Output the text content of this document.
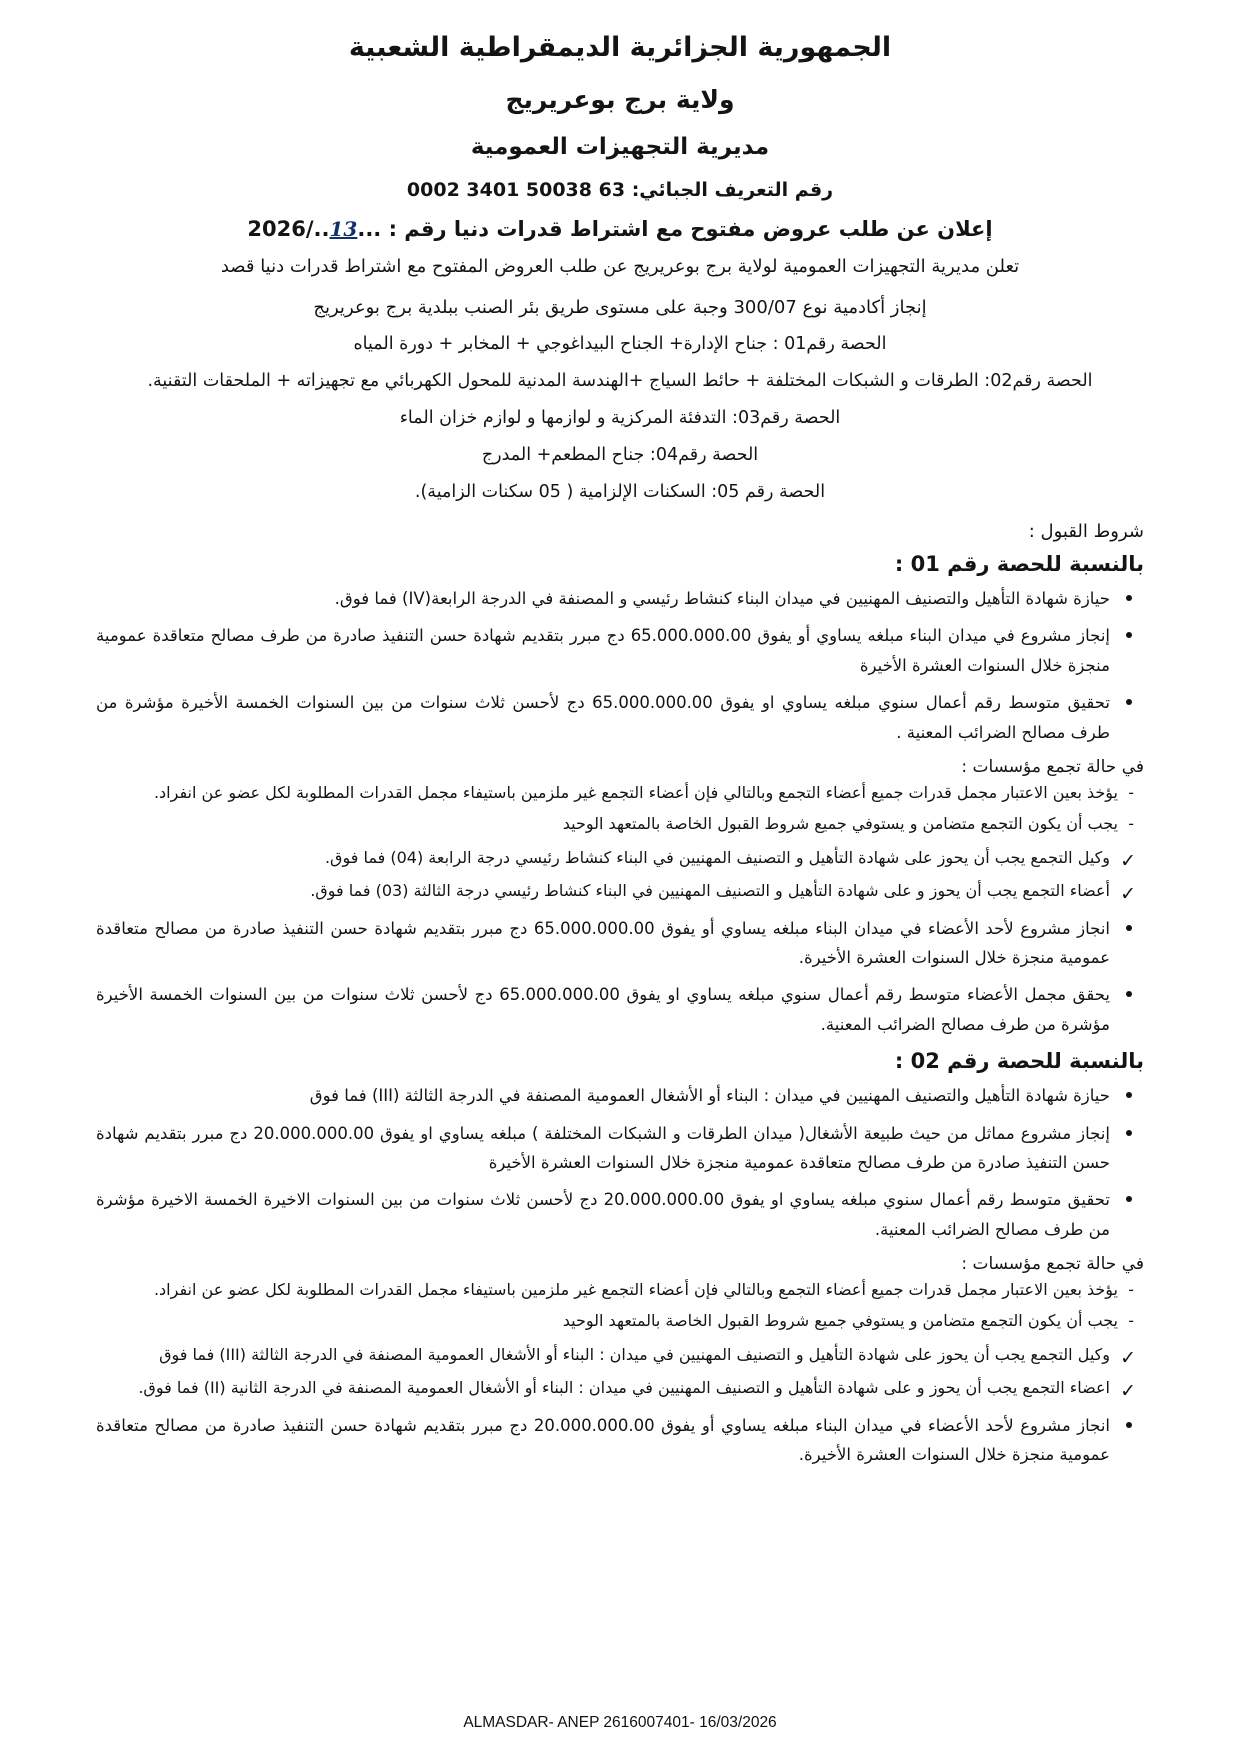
الجمهورية الجزائرية الديمقراطية الشعبية
ولاية برج بوعريريج
مديرية التجهيزات العمومية
رقم التعريف الجبائي: 0002 3401 50038 63
إعلان عن طلب عروض مفتوح مع اشتراط قدرات دنيا رقم : ...13../2026
تعلن مديرية التجهيزات العمومية لولاية برج بوعريريج عن طلب العروض المفتوح مع اشتراط قدرات دنيا قصد
إنجاز أكادمية نوع 300/07 وجبة على مستوى طريق بئر الصنب ببلدية برج بوعريريج
الحصة رقم01 : جناح الإدارة+ الجناح البيداغوجي + المخابر + دورة المياه
الحصة رقم02: الطرقات و الشبكات المختلفة + حائط السياج +الهندسة المدنية للمحول الكهربائي مع تجهيزاته + الملحقات التقنية.
الحصة رقم03: التدفئة المركزية و لوازمها و لوازم خزان الماء
الحصة رقم04: جناح المطعم+ المدرج
الحصة رقم 05: السكنات الإلزامية ( 05 سكنات الزامية).
شروط القبول :
بالنسبة للحصة رقم 01 :
حيازة شهادة التأهيل والتصنيف المهنيين في ميدان البناء كنشاط رئيسي و المصنفة في الدرجة الرابعة(IV) فما فوق.
إنجاز مشروع في ميدان البناء مبلغه يساوي أو يفوق 65.000.000.00 دج مبرر بتقديم شهادة حسن التنفيذ صادرة من طرف مصالح متعاقدة عمومية منجزة خلال السنوات العشرة الأخيرة
تحقيق متوسط رقم أعمال سنوي مبلغه يساوي او يفوق 65.000.000.00 دج لأحسن ثلاث سنوات من بين السنوات الخمسة الأخيرة مؤشرة من طرف مصالح الضرائب المعنية .
في حالة تجمع مؤسسات :
- يؤخذ بعين الاعتبار مجمل قدرات جميع أعضاء التجمع وبالتالي فإن أعضاء التجمع غير ملزمين باستيفاء مجمل القدرات المطلوبة لكل عضو عن انفراد.
- يجب أن يكون التجمع متضامن و يستوفي جميع شروط القبول الخاصة بالمتعهد الوحيد
✓
وكيل التجمع يجب أن يحوز على شهادة التأهيل و التصنيف المهنيين في البناء كنشاط رئيسي درجة الرابعة (04) فما فوق.
✓
أعضاء التجمع يجب أن يحوز و على شهادة التأهيل و التصنيف المهنيين في البناء كنشاط رئيسي درجة الثالثة (03) فما فوق.
انجاز مشروع لأحد الأعضاء في ميدان البناء مبلغه يساوي أو يفوق 65.000.000.00 دج مبرر بتقديم شهادة حسن التنفيذ صادرة من مصالح متعاقدة عمومية منجزة خلال السنوات العشرة الأخيرة.
يحقق مجمل الأعضاء متوسط رقم أعمال سنوي مبلغه يساوي او يفوق 65.000.000.00 دج لأحسن ثلاث سنوات من بين السنوات الخمسة الأخيرة مؤشرة من طرف مصالح الضرائب المعنية.
بالنسبة للحصة رقم 02 :
حيازة شهادة التأهيل والتصنيف المهنيين في ميدان : البناء أو الأشغال العمومية المصنفة في الدرجة الثالثة (III) فما فوق
إنجاز مشروع مماثل من حيث طبيعة الأشغال( ميدان الطرقات و الشبكات المختلفة ) مبلغه يساوي او يفوق 20.000.000.00 دج مبرر بتقديم شهادة حسن التنفيذ صادرة من طرف مصالح متعاقدة عمومية منجزة خلال السنوات العشرة الأخيرة
تحقيق متوسط رقم أعمال سنوي مبلغه يساوي او يفوق 20.000.000.00 دج لأحسن ثلاث سنوات من بين السنوات الاخيرة الخمسة الاخيرة مؤشرة من طرف مصالح الضرائب المعنية.
في حالة تجمع مؤسسات :
- يؤخذ بعين الاعتبار مجمل قدرات جميع أعضاء التجمع وبالتالي فإن أعضاء التجمع غير ملزمين باستيفاء مجمل القدرات المطلوبة لكل عضو عن انفراد.
- يجب أن يكون التجمع متضامن و يستوفي جميع شروط القبول الخاصة بالمتعهد الوحيد
✓
وكيل التجمع يجب أن يحوز على شهادة التأهيل و التصنيف المهنيين في ميدان : البناء أو الأشغال العمومية المصنفة في الدرجة الثالثة (III) فما فوق
✓
اعضاء التجمع يجب أن يحوز و على شهادة التأهيل و التصنيف المهنيين في ميدان : البناء أو الأشغال العمومية المصنفة في الدرجة الثانية (II) فما فوق.
انجاز مشروع لأحد الأعضاء في ميدان البناء مبلغه يساوي أو يفوق 20.000.000.00 دج مبرر بتقديم شهادة حسن التنفيذ صادرة من مصالح متعاقدة عمومية منجزة خلال السنوات العشرة الأخيرة.
ALMASDAR- ANEP 2616007401- 16/03/2026
